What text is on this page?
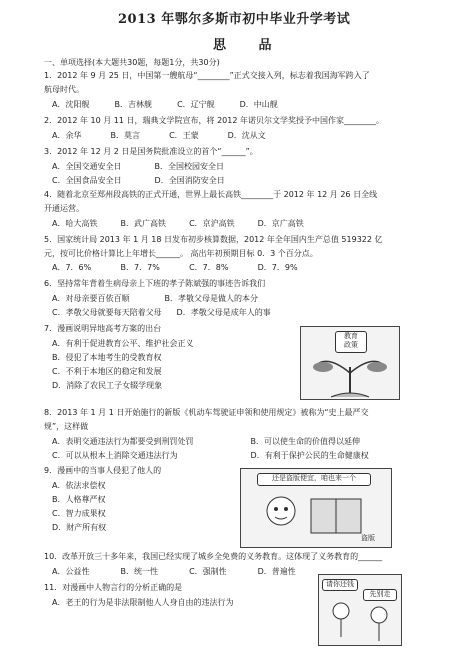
2013 年鄂尔多斯市初中毕业升学考试
思 品
一、单项选择(本大题共30题，每题1分，共30分)
1．2012 年 9 月 25 日，中国第一艘航母“________”正式交接入列，标志着我国海军跨入了
航母时代。
A．沈阳舰	B．吉林舰	C．辽宁舰	D．中山舰
2．2012 年 10 月 11 日，瑞典文学院宣布，将 2012 年诺贝尔文学奖授予中国作家________。
A．余华	B．莫言	C．王蒙	D．沈从文
3．2012 年 12 月 2 日是国务院批准设立的首个“______”。
A．全国交通安全日	B．全国校园安全日
C．全国食品安全日	D．全国消防安全日
4．随着北京至郑州段高铁的正式开通，世界上最长高铁________于 2012 年 12 月 26 日全线
开通运营。
A．哈大高铁	B．武广高铁	C．京沪高铁	D．京广高铁
5．国家统计局 2013 年 1 月 18 日发布初步核算数据，2012 年全年国内生产总值 519322 亿
元，按可比价格计算比上年增长______。 高出年初预期目标 0．3 个百分点。
A．7．6%	B．7．7%	C．7．8%	D．7．9%
6．坚持常年背着生病母亲上下班的孝子陈斌强的事迹告诉我们
A．对母亲要百依百顺	B．孝敬父母是做人的本分
C．孝敬父母就要每天陪着父母 D．孝敬父母是成年人的事
7．漫画说明异地高考方案的出台
A．有利于促进教育公平、维护社会正义
B．侵犯了本地考生的受教育权
C．不利于本地区的稳定和发展
D．消除了农民工子女辍学现象
教育
政策
8．2013 年 1 月 1 日开始施行的新版《机动车驾驶证申领和使用规定》被称为“史上最严交
规”，这样做
A．表明交通违法行为都要受到刑罚处罚	B．可以使生命的价值得以延伸
C．可以从根本上消除交通违法行为	D．有利于保护公民的生命健康权
9．漫画中的当事人侵犯了他人的
A．依法求偿权
B．人格尊严权
C．智力成果权
D．财产所有权
还是盗版便宜，咱也来一个
盗版
10．改革开放三十多年来，我国已经实现了城乡全免费的义务教育。这体现了义务教育的______
A．公益性	B．统一性	C．强制性	D．普遍性
11．对漫画中人物言行的分析正确的是
A．老王的行为是非法限制他人人身自由的违法行为
请你还钱
先别走
